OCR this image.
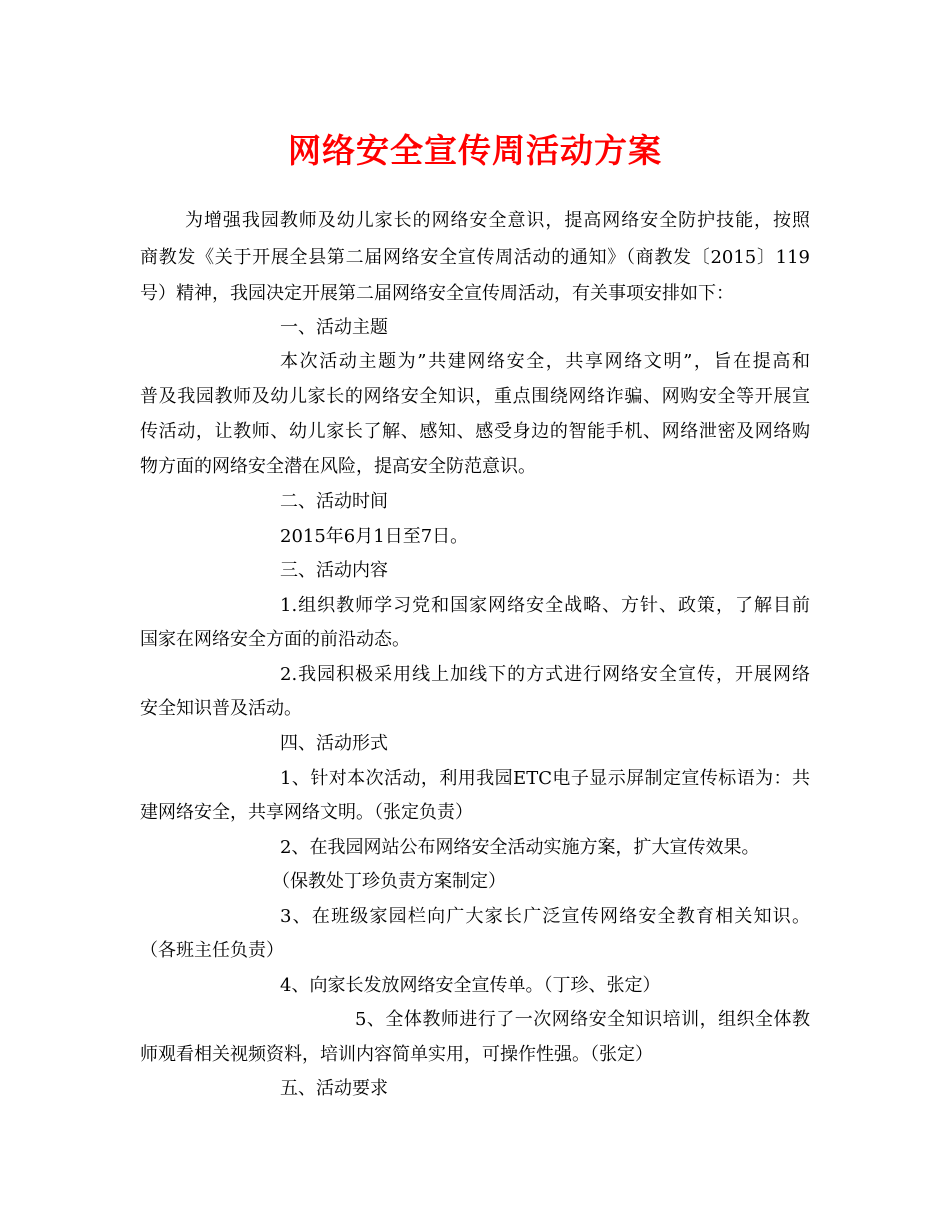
网络安全宣传周活动方案

为增强我园教师及幼儿家长的网络安全意识，提高网络安全防护技能，按照

商教发《关于开展全县第二届网络安全宣传周活动的通知》（商教发〔2015〕119

号）精神，我园决定开展第二届网络安全宣传周活动，有关事项安排如下：

一、活动主题

本次活动主题为”共建网络安全，共享网络文明”，旨在提高和

普及我园教师及幼儿家长的网络安全知识，重点围绕网络诈骗、网购安全等开展宣

传活动，让教师、幼儿家长了解、感知、感受身边的智能手机、网络泄密及网络购

物方面的网络安全潜在风险，提高安全防范意识。

二、活动时间

2015年6月1日至7日。

三、活动内容

1.组织教师学习党和国家网络安全战略、方针、政策，了解目前

国家在网络安全方面的前沿动态。

2.我园积极采用线上加线下的方式进行网络安全宣传，开展网络

安全知识普及活动。

四、活动形式

1、针对本次活动，利用我园ETC电子显示屏制定宣传标语为：共

建网络安全，共享网络文明。（张定负责）

2、在我园网站公布网络安全活动实施方案，扩大宣传效果。

（保教处丁珍负责方案制定）

3、在班级家园栏向广大家长广泛宣传网络安全教育相关知识。

（各班主任负责）

4、向家长发放网络安全宣传单。（丁珍、张定）

5、全体教师进行了一次网络安全知识培训，组织全体教

师观看相关视频资料，培训内容简单实用，可操作性强。（张定）

五、活动要求
